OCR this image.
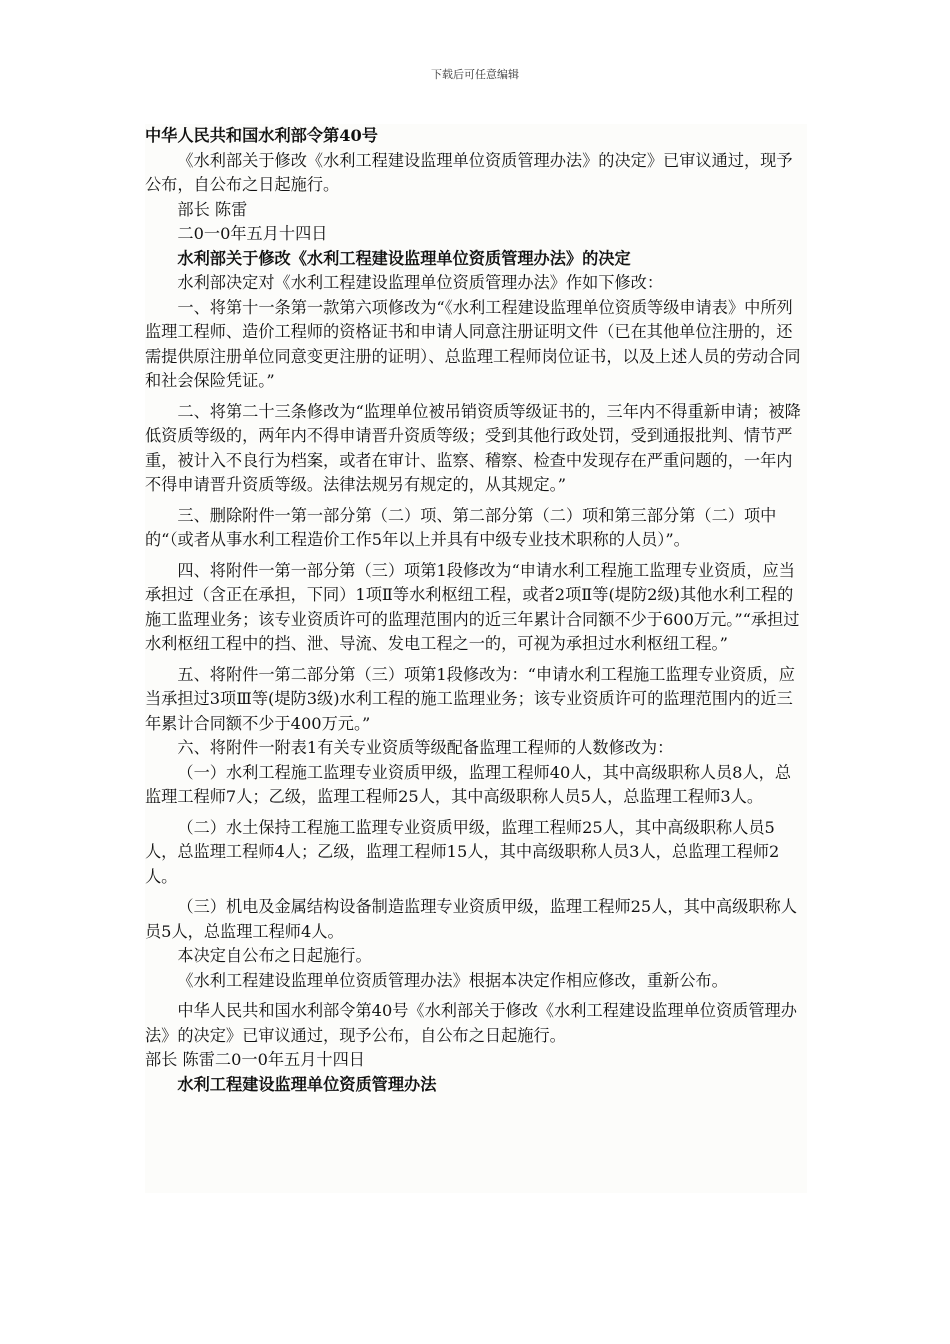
下载后可任意编辑

中华人民共和国水利部令第40号

《水利部关于修改《水利工程建设监理单位资质管理办法》的决定》已审议通过，现予公布，自公布之日起施行。

部长 陈雷

二0一0年五月十四日

水利部关于修改《水利工程建设监理单位资质管理办法》的决定

水利部决定对《水利工程建设监理单位资质管理办法》作如下修改：

一、将第十一条第一款第六项修改为“《水利工程建设监理单位资质等级申请表》中所列监理工程师、造价工程师的资格证书和申请人同意注册证明文件（已在其他单位注册的，还需提供原注册单位同意变更注册的证明）、总监理工程师岗位证书，以及上述人员的劳动合同和社会保险凭证。”

二、将第二十三条修改为“监理单位被吊销资质等级证书的，三年内不得重新申请；被降低资质等级的，两年内不得申请晋升资质等级；受到其他行政处罚，受到通报批判、情节严重，被计入不良行为档案，或者在审计、监察、稽察、检查中发现存在严重问题的，一年内不得申请晋升资质等级。法律法规另有规定的，从其规定。”

三、删除附件一第一部分第（二）项、第二部分第（二）项和第三部分第（二）项中的“（或者从事水利工程造价工作5年以上并具有中级专业技术职称的人员）”。

四、将附件一第一部分第（三）项第1段修改为“申请水利工程施工监理专业资质，应当承担过（含正在承担，下同）1项Ⅱ等水利枢纽工程，或者2项Ⅱ等(堤防2级)其他水利工程的施工监理业务；该专业资质许可的监理范围内的近三年累计合同额不少于600万元。”“承担过水利枢纽工程中的挡、泄、导流、发电工程之一的，可视为承担过水利枢纽工程。”

五、将附件一第二部分第（三）项第1段修改为：“申请水利工程施工监理专业资质，应当承担过3项Ⅲ等(堤防3级)水利工程的施工监理业务；该专业资质许可的监理范围内的近三年累计合同额不少于400万元。”

六、将附件一附表1有关专业资质等级配备监理工程师的人数修改为：

（一）水利工程施工监理专业资质甲级，监理工程师40人，其中高级职称人员8人，总监理工程师7人；乙级，监理工程师25人，其中高级职称人员5人，总监理工程师3人。

（二）水土保持工程施工监理专业资质甲级，监理工程师25人，其中高级职称人员5人，总监理工程师4人；乙级，监理工程师15人，其中高级职称人员3人，总监理工程师2人。

（三）机电及金属结构设备制造监理专业资质甲级，监理工程师25人，其中高级职称人员5人，总监理工程师4人。

本决定自公布之日起施行。

《水利工程建设监理单位资质管理办法》根据本决定作相应修改，重新公布。

中华人民共和国水利部令第40号《水利部关于修改《水利工程建设监理单位资质管理办法》的决定》已审议通过，现予公布，自公布之日起施行。

部长 陈雷二0一0年五月十四日

水利工程建设监理单位资质管理办法
